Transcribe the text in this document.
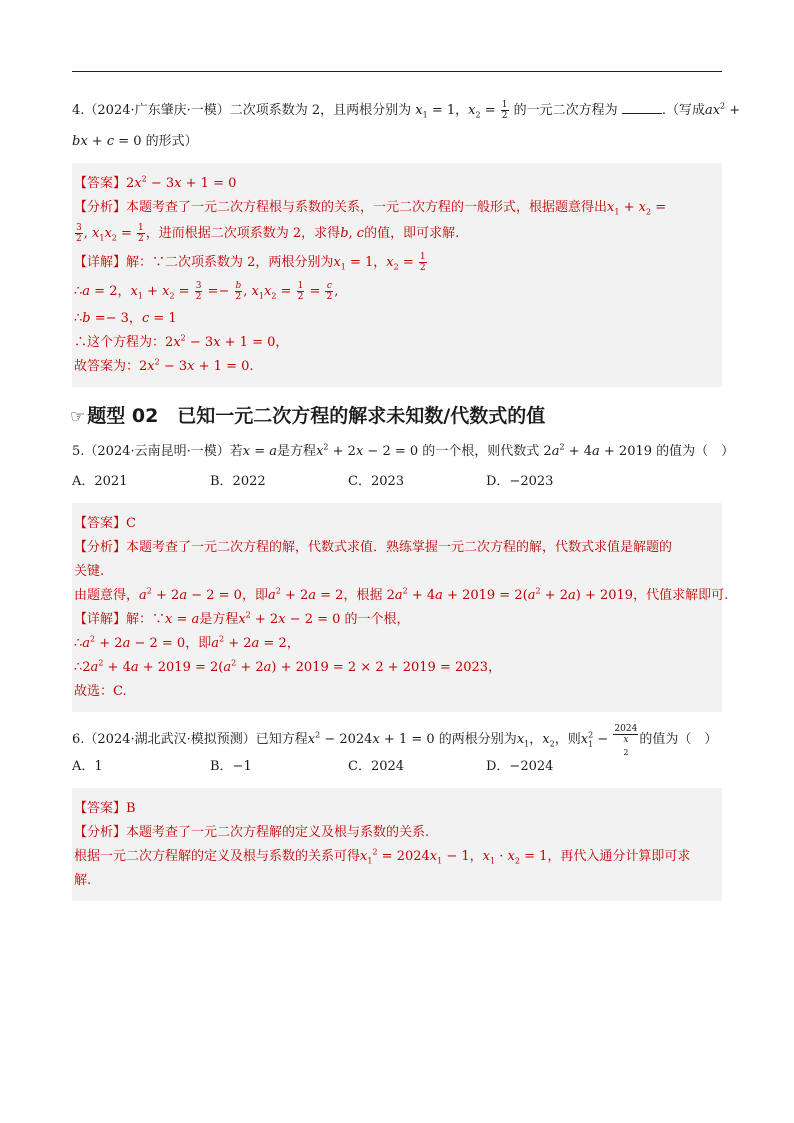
4.（2024·广东肇庆·一模）二次项系数为 2，且两根分别为 $x_1 = 1$，$x_2 = \frac{1}{2}$ 的一元二次方程为	.（写成$ax^2$ +
bx + c = 0 的形式）
【答案】$2x^2 - 3x + 1 = 0$
【分析】本题考查了一元二次方程根与系数的关系，一元二次方程的一般形式，根据题意得出$x_1 + x_2$ =
$\frac{3}{2}$ , $x_1x_2 = \frac{1}{2}$ ，进而根据二次项系数为 2，求得b, c的值，即可求解.
【详解】解：∵二次项系数为 2，两根分别为$x_1 = 1$，$x_2 = \frac{1}{2}$
∴a = 2，$x_1 + x_2 = \frac{3}{2} =- \frac{b}{2}$ , $x_1x_2 = \frac{1}{2} = \frac{c}{2}$ ,
∴b =− 3，c = 1
∴这个方程为：$2x^2 - 3x + 1 = 0$，
故答案为：$2x^2 - 3x + 1 = 0$.
☞ 题型 02　已知一元二次方程的解求未知数/代数式的值
5.（2024·云南昆明·一模）若x = a是方程$x^2 + 2x - 2 = 0$ 的一个根，则代数式 $2a^2 + 4a + 2019$ 的值为（　）
A．2021	B．2022	C．2023	D．−2023
【答案】C
【分析】本题考查了一元二次方程的解，代数式求值．熟练掌握一元二次方程的解，代数式求值是解题的
关键.
由题意得，$a^2 + 2a - 2 = 0$，即$a^2 + 2a = 2$，根据 $2a^2 + 4a + 2019 = 2(a^2 + 2a) + 2019$，代值求解即可.
【详解】解：∵x = a是方程$x^2 + 2x - 2 = 0$ 的一个根，
$\therefore a^2 + 2a - 2 = 0$，即$a^2 + 2a = 2$，
$\therefore 2a^2 + 4a + 2019 = 2(a^2 + 2a) + 2019 = 2 \times 2 + 2019 = 2023$，
故选：C.
6.（2024·湖北武汉·模拟预测）已知方程$x^2 - 2024x + 1 = 0$ 的两根分别为$x_1$，$x_2$，则$x^2_1 - 2024$
x
$_2$ 的值为（　）
A．1	B．−1	C．2024	D．−2024
【答案】B
【分析】本题考查了一元二次方程解的定义及根与系数的关系.
根据一元二次方程解的定义及根与系数的关系可得$x_1^2 = 2024x_1 - 1$，$x_1 \cdot x_2 = 1$，再代入通分计算即可求
解.
